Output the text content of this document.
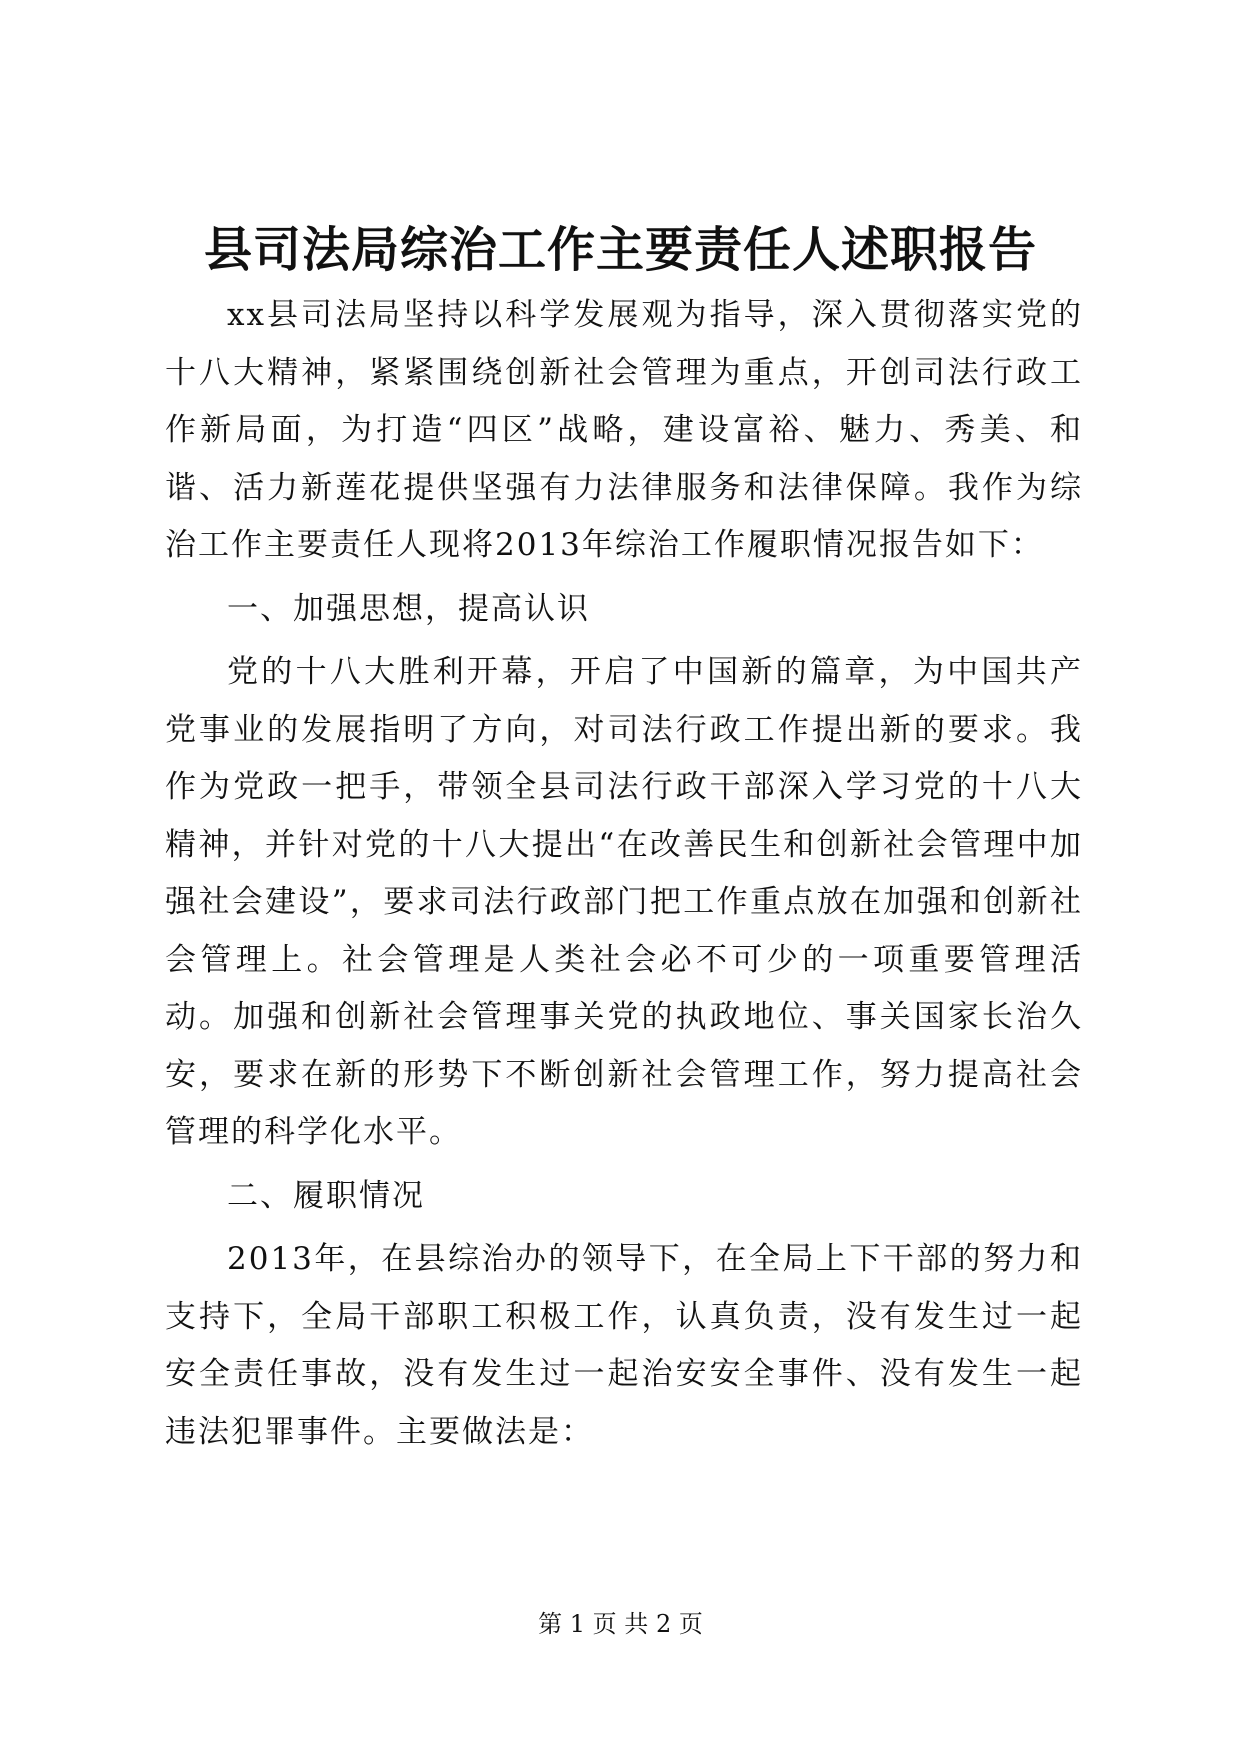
县司法局综治工作主要责任人述职报告

xx县司法局坚持以科学发展观为指导，深入贯彻落实党的十八大精神，紧紧围绕创新社会管理为重点，开创司法行政工作新局面，为打造“四区”战略，建设富裕、魅力、秀美、和谐、活力新莲花提供坚强有力法律服务和法律保障。我作为综治工作主要责任人现将2013年综治工作履职情况报告如下：

一、加强思想，提高认识

党的十八大胜利开幕，开启了中国新的篇章，为中国共产党事业的发展指明了方向，对司法行政工作提出新的要求。我作为党政一把手，带领全县司法行政干部深入学习党的十八大精神，并针对党的十八大提出“在改善民生和创新社会管理中加强社会建设”，要求司法行政部门把工作重点放在加强和创新社会管理上。社会管理是人类社会必不可少的一项重要管理活动。加强和创新社会管理事关党的执政地位、事关国家长治久安，要求在新的形势下不断创新社会管理工作，努力提高社会管理的科学化水平。

二、履职情况

2013年，在县综治办的领导下，在全局上下干部的努力和支持下，全局干部职工积极工作，认真负责，没有发生过一起安全责任事故，没有发生过一起治安安全事件、没有发生一起违法犯罪事件。主要做法是：

第 1 页 共 2 页
